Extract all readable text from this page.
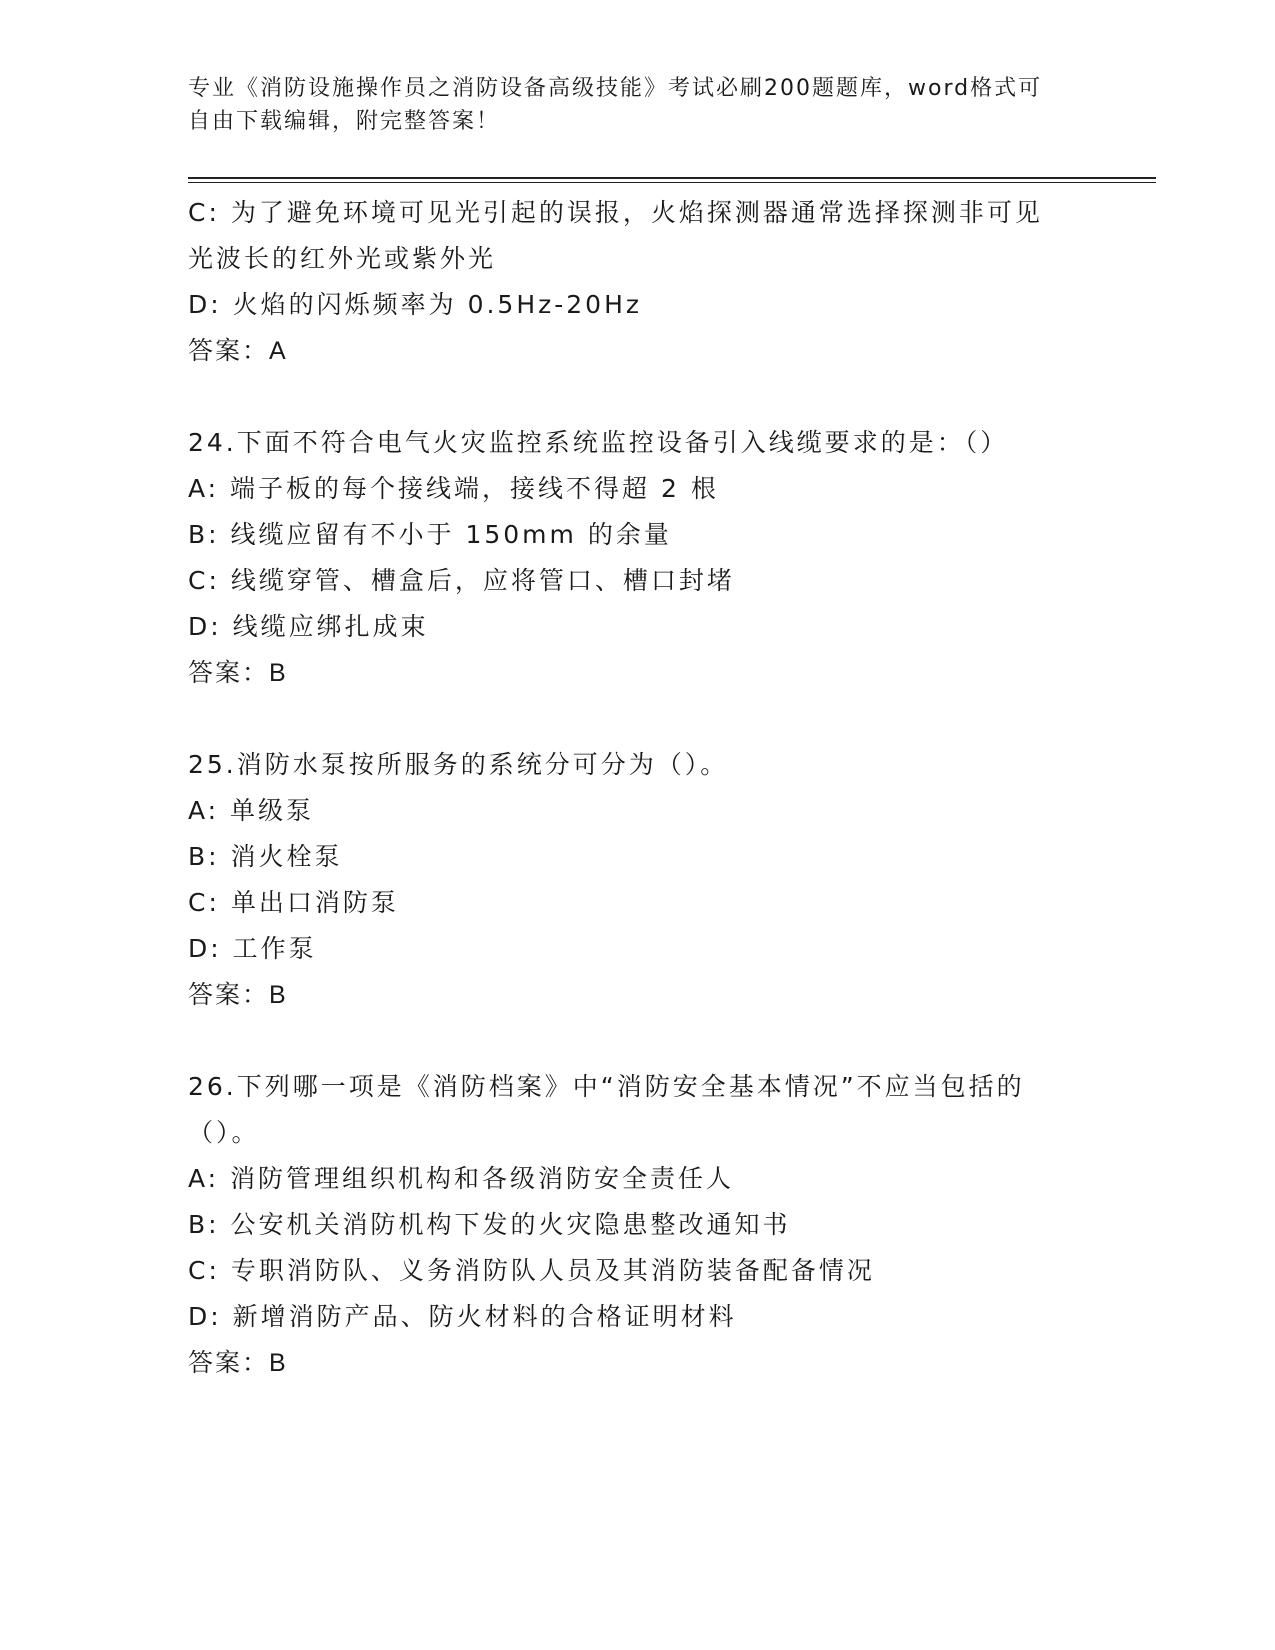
专业《消防设施操作员之消防设备高级技能》考试必刷200题题库，word格式可
自由下载编辑，附完整答案！
C: 为了避免环境可见光引起的误报，火焰探测器通常选择探测非可见
光波长的红外光或紫外光
D: 火焰的闪烁频率为 0.5Hz-20Hz
答案：A
24.下面不符合电气火灾监控系统监控设备引入线缆要求的是：（）
A: 端子板的每个接线端，接线不得超 2 根
B: 线缆应留有不小于 150mm 的余量
C: 线缆穿管、槽盒后，应将管口、槽口封堵
D: 线缆应绑扎成束
答案：B
25.消防水泵按所服务的系统分可分为（）。
A: 单级泵
B: 消火栓泵
C: 单出口消防泵
D: 工作泵
答案：B
26.下列哪一项是《消防档案》中“消防安全基本情况”不应当包括的
（）。
A: 消防管理组织机构和各级消防安全责任人
B: 公安机关消防机构下发的火灾隐患整改通知书
C: 专职消防队、义务消防队人员及其消防装备配备情况
D: 新增消防产品、防火材料的合格证明材料
答案：B
